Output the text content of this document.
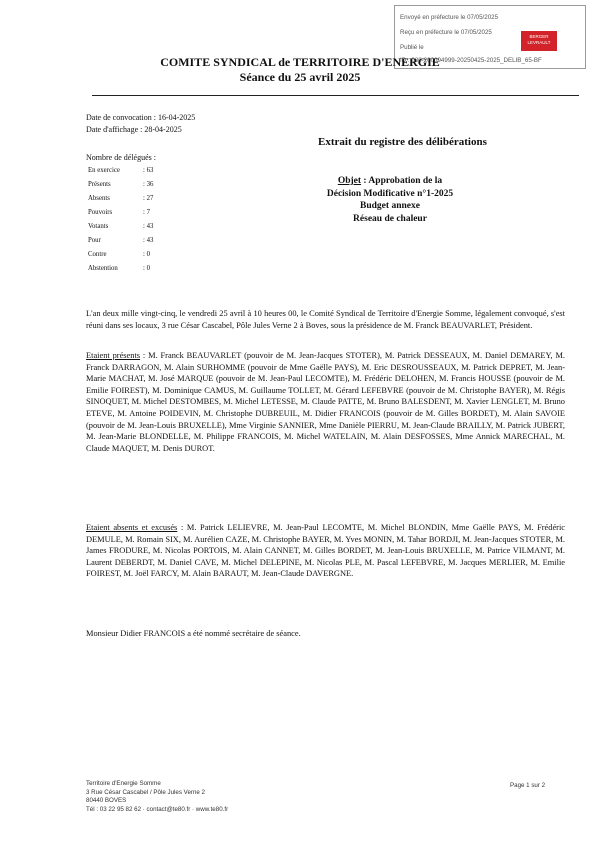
Envoyé en préfecture le 07/05/2025
Reçu en préfecture le 07/05/2025
Publié le
ID : 080-200094999-20250425-2025_DELIB_65-BF
BERGER LEVRAULT
COMITE SYNDICAL de TERRITOIRE D'ENERGIE
Séance du 25 avril 2025
Date de convocation : 16-04-2025
Date d'affichage : 28-04-2025
Nombre de délégués :
En exercice	: 63
Présents	: 36
Absents	: 27
Pouvoirs	: 7
Votants	: 43
Pour	: 43
Contre	: 0
Abstention	: 0
Extrait du registre des délibérations
Objet : Approbation de la
Décision Modificative n°1-2025
Budget annexe
Réseau de chaleur
L'an deux mille vingt-cinq, le vendredi 25 avril à 10 heures 00, le Comité Syndical de Territoire d'Energie Somme, légalement convoqué, s'est réuni dans ses locaux, 3 rue César Cascabel, Pôle Jules Verne 2 à Boves, sous la présidence de M. Franck BEAUVARLET, Président.
Etaient présents : M. Franck BEAUVARLET (pouvoir de M. Jean-Jacques STOTER), M. Patrick DESSEAUX, M. Daniel DEMAREY, M. Franck DARRAGON, M. Alain SURHOMME (pouvoir de Mme Gaëlle PAYS), M. Eric DESROUSSEAUX, M. Patrick DEPRET, M. Jean-Marie MACHAT, M. José MARQUE (pouvoir de M. Jean-Paul LECOMTE), M. Frédéric DELOHEN, M. Francis HOUSSE (pouvoir de M. Emilie FOIREST), M. Dominique CAMUS, M. Guillaume TOLLET, M. Gérard LEFEBVRE (pouvoir de M. Christophe BAYER), M. Régis SINOQUET, M. Michel DESTOMBES, M. Michel LETESSE, M. Claude PATTE, M. Bruno BALESDENT, M. Xavier LENGLET, M. Bruno ETEVE, M. Antoine POIDEVIN, M. Christophe DUBREUIL, M. Didier FRANCOIS (pouvoir de M. Gilles BORDET), M. Alain SAVOIE (pouvoir de M. Jean-Louis BRUXELLE), Mme Virginie SANNIER, Mme Danièle PIERRU, M. Jean-Claude BRAILLY, M. Patrick JUBERT, M. Jean-Marie BLONDELLE, M. Philippe FRANCOIS, M. Michel WATELAIN, M. Alain DESFOSSES, Mme Annick MARECHAL, M. Claude MAQUET, M. Denis DUROT.
Etaient absents et excusés : M. Patrick LELIEVRE, M. Jean-Paul LECOMTE, M. Michel BLONDIN, Mme Gaëlle PAYS, M. Frédéric DEMULE, M. Romain SIX, M. Aurélien CAZE, M. Christophe BAYER, M. Yves MONIN, M. Tahar BORDJI, M. Jean-Jacques STOTER, M. James FRODURE, M. Nicolas PORTOIS, M. Alain CANNET, M. Gilles BORDET, M. Jean-Louis BRUXELLE, M. Patrice VILMANT, M. Laurent DEBERDT, M. Daniel CAVE, M. Michel DELEPINE, M. Nicolas PLE, M. Pascal LEFEBVRE, M. Jacques MERLIER, M. Emilie FOIREST, M. Joël FARCY, M. Alain BARAUT, M. Jean-Claude DAVERGNE.
Monsieur Didier FRANCOIS a été nommé secrétaire de séance.
Territoire d'Energie Somme
3 Rue César Cascabel / Pôle Jules Verne 2
80440 BOVES
Tél : 03 22 95 82 62 · contact@te80.fr · www.te80.fr
Page 1 sur 2
